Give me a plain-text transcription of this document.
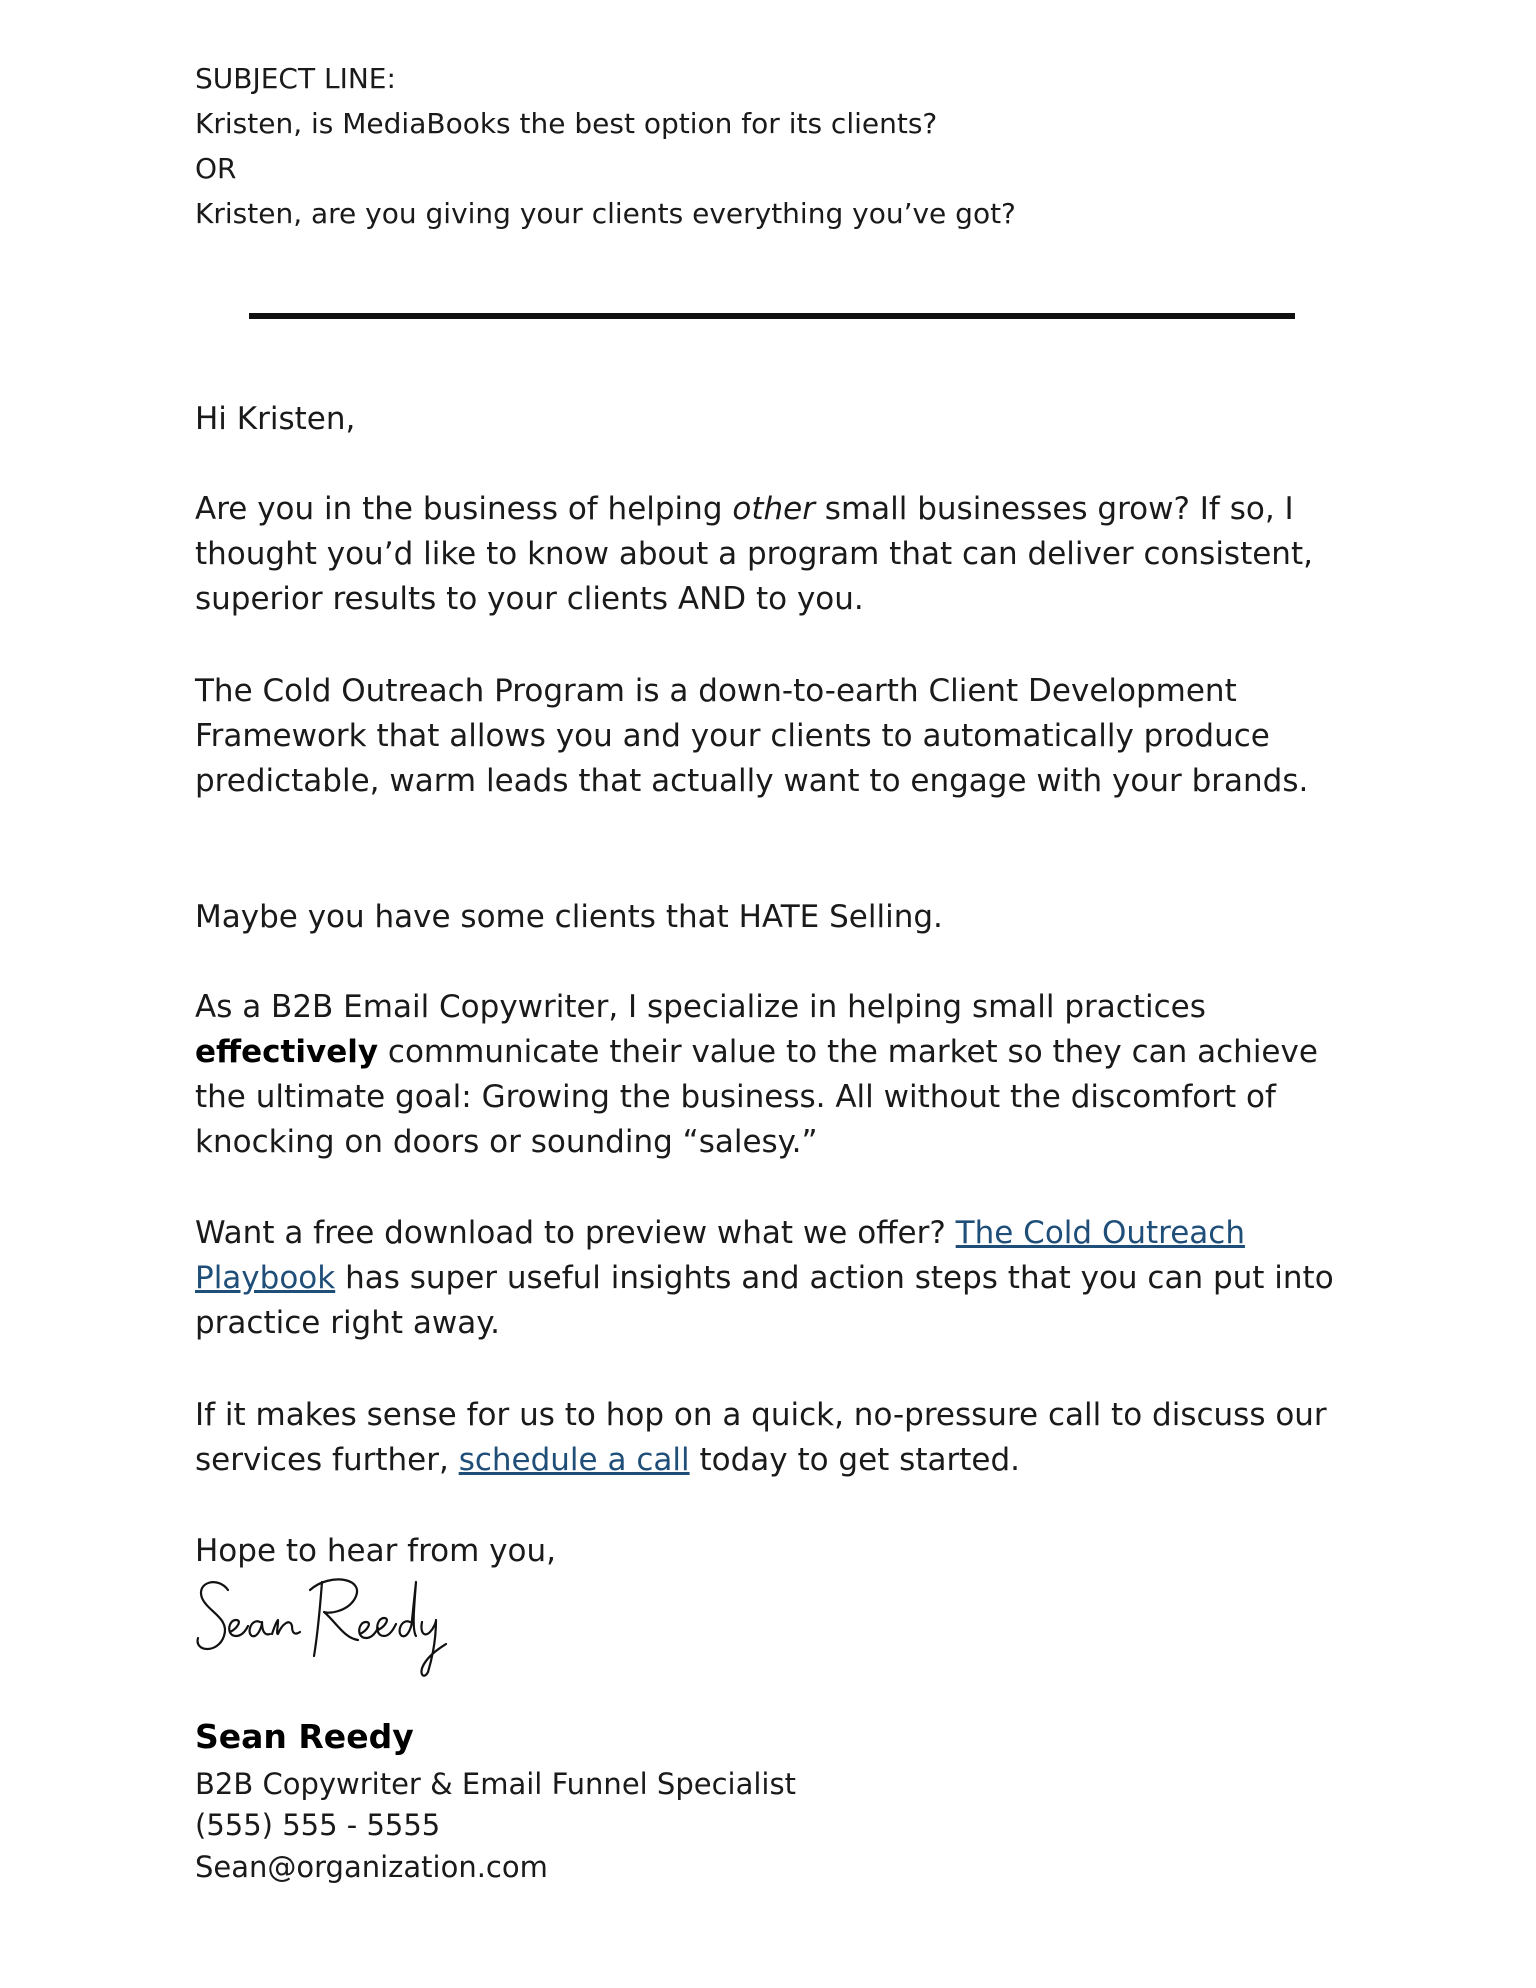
SUBJECT LINE:
Kristen, is MediaBooks the best option for its clients?
OR
Kristen, are you giving your clients everything you’ve got?

Hi Kristen,

Are you in the business of helping other small businesses grow? If so, I thought you’d like to know about a program that can deliver consistent, superior results to your clients AND to you.

The Cold Outreach Program is a down-to-earth Client Development Framework that allows you and your clients to automatically produce predictable, warm leads that actually want to engage with your brands.

Maybe you have some clients that HATE Selling.

As a B2B Email Copywriter, I specialize in helping small practices effectively communicate their value to the market so they can achieve the ultimate goal: Growing the business. All without the discomfort of knocking on doors or sounding “salesy.”

Want a free download to preview what we offer? The Cold Outreach Playbook has super useful insights and action steps that you can put into practice right away.

If it makes sense for us to hop on a quick, no-pressure call to discuss our services further, schedule a call today to get started.

Hope to hear from you,

Sean Reedy
B2B Copywriter & Email Funnel Specialist
(555) 555 - 5555
Sean@organization.com
